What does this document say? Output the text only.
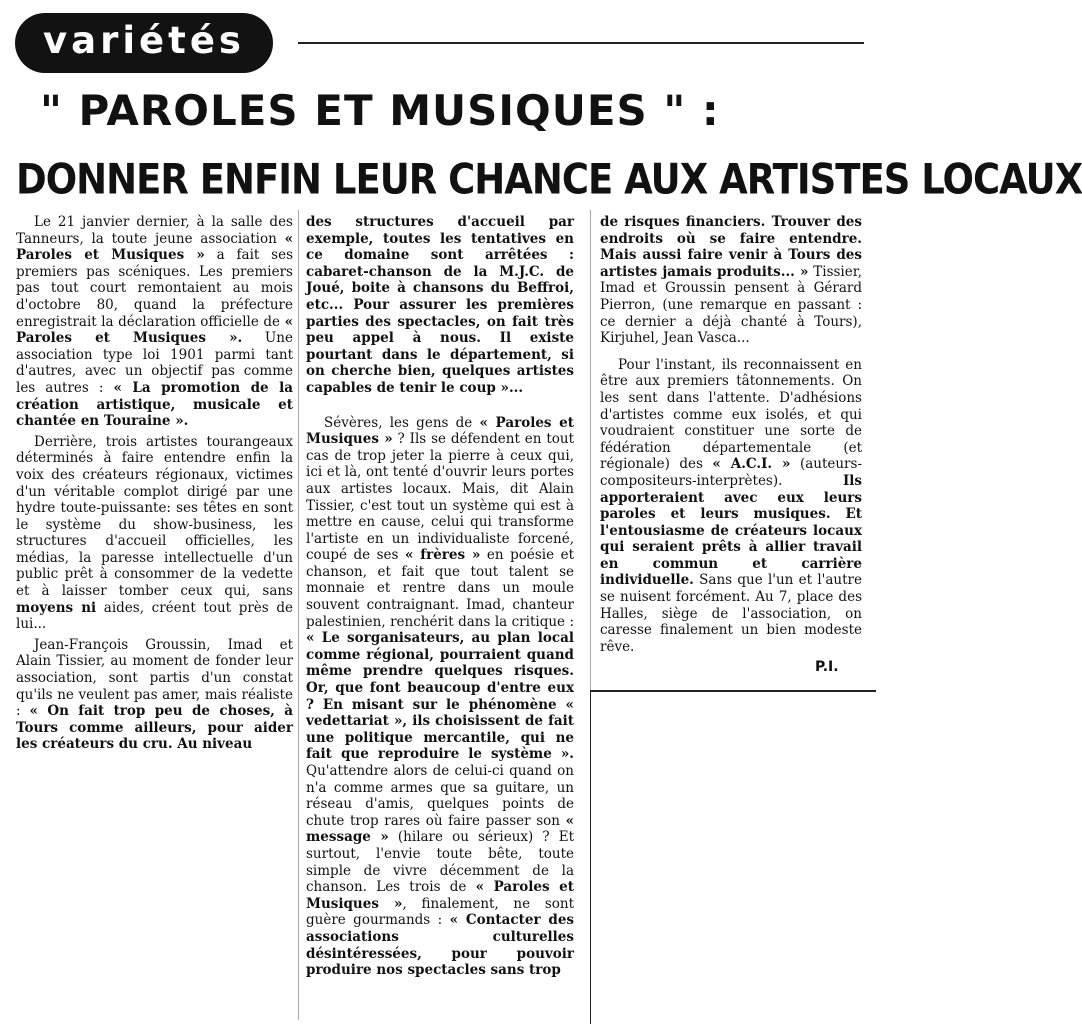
variétés
" PAROLES ET MUSIQUES " :
DONNER ENFIN LEUR CHANCE AUX ARTISTES LOCAUX

Le 21 janvier dernier, à la salle des Tanneurs, la toute jeune association « Paroles et Musiques » a fait ses premiers pas scéniques. Les premiers pas tout court remontaient au mois d'octobre 80, quand la préfecture enregistrait la déclaration officielle de « Paroles et Musiques ». Une association type loi 1901 parmi tant d'autres, avec un objectif pas comme les autres : « La promotion de la création artistique, musicale et chantée en Touraine ».

Derrière, trois artistes tourangeaux déterminés à faire entendre enfin la voix des créateurs régionaux, victimes d'un véritable complot dirigé par une hydre toute-puissante: ses têtes en sont le système du show-business, les structures d'accueil officielles, les médias, la paresse intellectuelle d'un public prêt à consommer de la vedette et à laisser tomber ceux qui, sans moyens ni aides, créent tout près de lui...

Jean-François Groussin, Imad et Alain Tissier, au moment de fonder leur association, sont partis d'un constat qu'ils ne veulent pas amer, mais réaliste : « On fait trop peu de choses, à Tours comme ailleurs, pour aider les créateurs du cru. Au niveau

des structures d'accueil par exemple, toutes les tentatives en ce domaine sont arrêtées : cabaret-chanson de la M.J.C. de Joué, boite à chansons du Beffroi, etc... Pour assurer les premières parties des spectacles, on fait très peu appel à nous. Il existe pourtant dans le département, si on cherche bien, quelques artistes capables de tenir le coup »...

Sévères, les gens de « Paroles et Musiques » ? Ils se défendent en tout cas de trop jeter la pierre à ceux qui, ici et là, ont tenté d'ouvrir leurs portes aux artistes locaux. Mais, dit Alain Tissier, c'est tout un système qui est à mettre en cause, celui qui transforme l'artiste en un individualiste forcené, coupé de ses « frères » en poésie et chanson, et fait que tout talent se monnaie et rentre dans un moule souvent contraignant. Imad, chanteur palestinien, renchérit dans la critique : « Le sorganisateurs, au plan local comme régional, pourraient quand même prendre quelques risques. Or, que font beaucoup d'entre eux ? En misant sur le phénomène « vedettariat », ils choisissent de fait une politique mercantile, qui ne fait que reproduire le système ». Qu'attendre alors de celui-ci quand on n'a comme armes que sa guitare, un réseau d'amis, quelques points de chute trop rares où faire passer son « message » (hilare ou sérieux) ? Et surtout, l'envie toute bête, toute simple de vivre décemment de la chanson. Les trois de « Paroles et Musiques », finalement, ne sont guère gourmands : « Contacter des associations culturelles désintéressées, pour pouvoir produire nos spectacles sans trop

de risques financiers. Trouver des endroits où se faire entendre. Mais aussi faire venir à Tours des artistes jamais produits... » Tissier, Imad et Groussin pensent à Gérard Pierron, (une remarque en passant : ce dernier a déjà chanté à Tours), Kirjuhel, Jean Vasca...

Pour l'instant, ils reconnaissent en être aux premiers tâtonnements. On les sent dans l'attente. D'adhésions d'artistes comme eux isolés, et qui voudraient constituer une sorte de fédération départementale (et régionale) des « A.C.I. » (auteurs-compositeurs-interprètes). Ils apporteraient avec eux leurs paroles et leurs musiques. Et l'entousiasme de créateurs locaux qui seraient prêts à allier travail en commun et carrière individuelle. Sans que l'un et l'autre se nuisent forcément. Au 7, place des Halles, siège de l'association, on caresse finalement un bien modeste rêve.

P.I.
